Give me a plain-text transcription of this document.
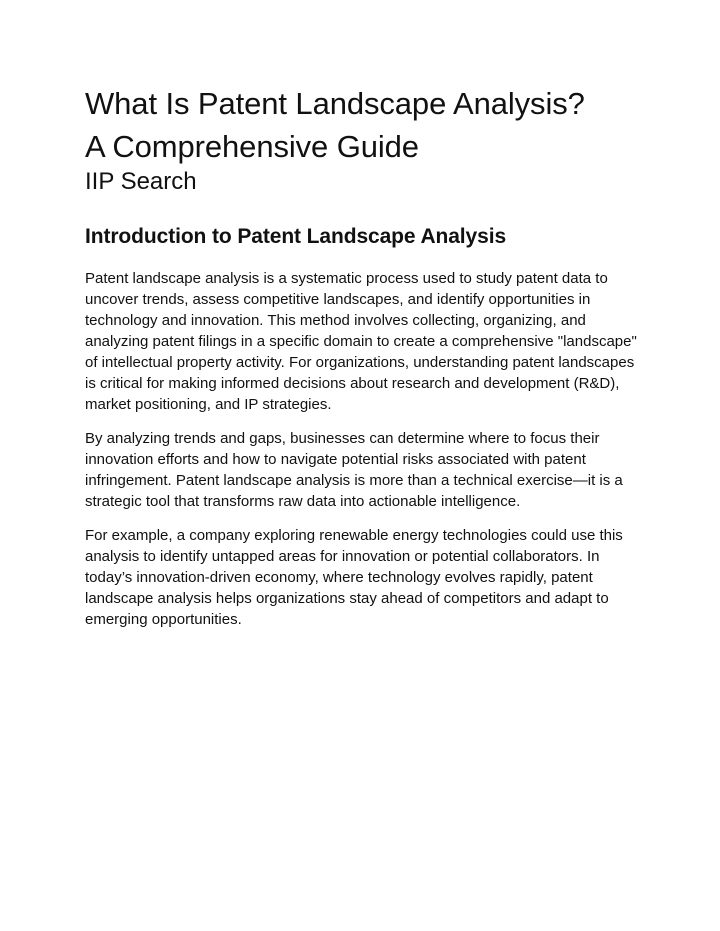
What Is Patent Landscape Analysis?
A Comprehensive Guide
IIP Search
Introduction to Patent Landscape Analysis

Patent landscape analysis is a systematic process used to study patent data to uncover trends, assess competitive landscapes, and identify opportunities in technology and innovation. This method involves collecting, organizing, and analyzing patent filings in a specific domain to create a comprehensive "landscape" of intellectual property activity. For organizations, understanding patent landscapes is critical for making informed decisions about research and development (R&D), market positioning, and IP strategies.

By analyzing trends and gaps, businesses can determine where to focus their innovation efforts and how to navigate potential risks associated with patent infringement. Patent landscape analysis is more than a technical exercise—it is a strategic tool that transforms raw data into actionable intelligence.

For example, a company exploring renewable energy technologies could use this analysis to identify untapped areas for innovation or potential collaborators. In today’s innovation-driven economy, where technology evolves rapidly, patent landscape analysis helps organizations stay ahead of competitors and adapt to emerging opportunities.
